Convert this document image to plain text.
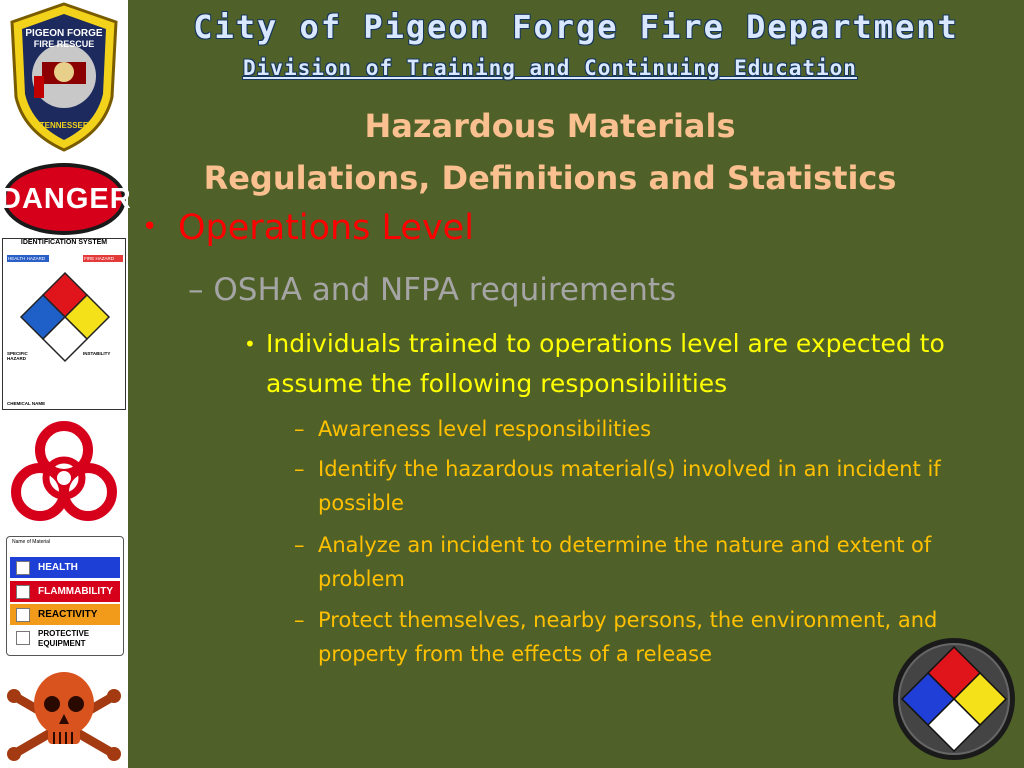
PIGEON FORGE
FIRE RESCUE
TENNESSEE
DANGER
IDENTIFICATION SYSTEM
HEALTH HAZARD	FIRE HAZARD
SPECIFIC HAZARD
INSTABILITY
CHEMICAL NAME
Name of Material
HEALTH
FLAMMABILITY
REACTIVITY
PROTECTIVE EQUIPMENT
City of Pigeon Forge Fire Department
Division of Training and Continuing Education
Hazardous Materials
Regulations, Definitions and Statistics
• Operations Level
– OSHA and NFPA requirements
• Individuals trained to operations level are expected to assume the following responsibilities
– Awareness level responsibilities
– Identify the hazardous material(s) involved in an incident if possible
– Analyze an incident to determine the nature and extent of problem
– Protect themselves, nearby persons, the environment, and property from the effects of a release
